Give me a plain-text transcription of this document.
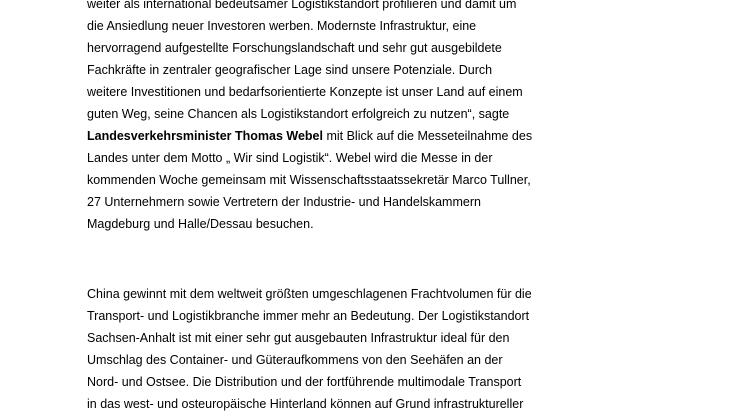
weiter als international bedeutsamer Logistikstandort profilieren und damit um
die Ansiedlung neuer Investoren werben. Modernste Infrastruktur, eine
hervorragend aufgestellte Forschungslandschaft und sehr gut ausgebildete
Fachkräfte in zentraler geografischer Lage sind unsere Potenziale. Durch
weitere Investitionen und bedarfsorientierte Konzepte ist unser Land auf einem
guten Weg, seine Chancen als Logistikstandort erfolgreich zu nutzen“, sagte
Landesverkehrsminister Thomas Webel mit Blick auf die Messeteilnahme des
Landes unter dem Motto „ Wir sind Logistik“. Webel wird die Messe in der
kommenden Woche gemeinsam mit Wissenschaftsstaatssekretär Marco Tullner,
27 Unternehmern sowie Vertretern der Industrie- und Handelskammern
Magdeburg und Halle/Dessau besuchen.

China gewinnt mit dem weltweit größten umgeschlagenen Frachtvolumen für die
Transport- und Logistikbranche immer mehr an Bedeutung. Der Logistikstandort
Sachsen-Anhalt ist mit einer sehr gut ausgebauten Infrastruktur ideal für den
Umschlag des Container- und Güteraufkommens von den Seehäfen an der
Nord- und Ostsee. Die Distribution und der fortführende multimodale Transport
in das west- und osteuropäische Hinterland können auf Grund infrastruktureller
